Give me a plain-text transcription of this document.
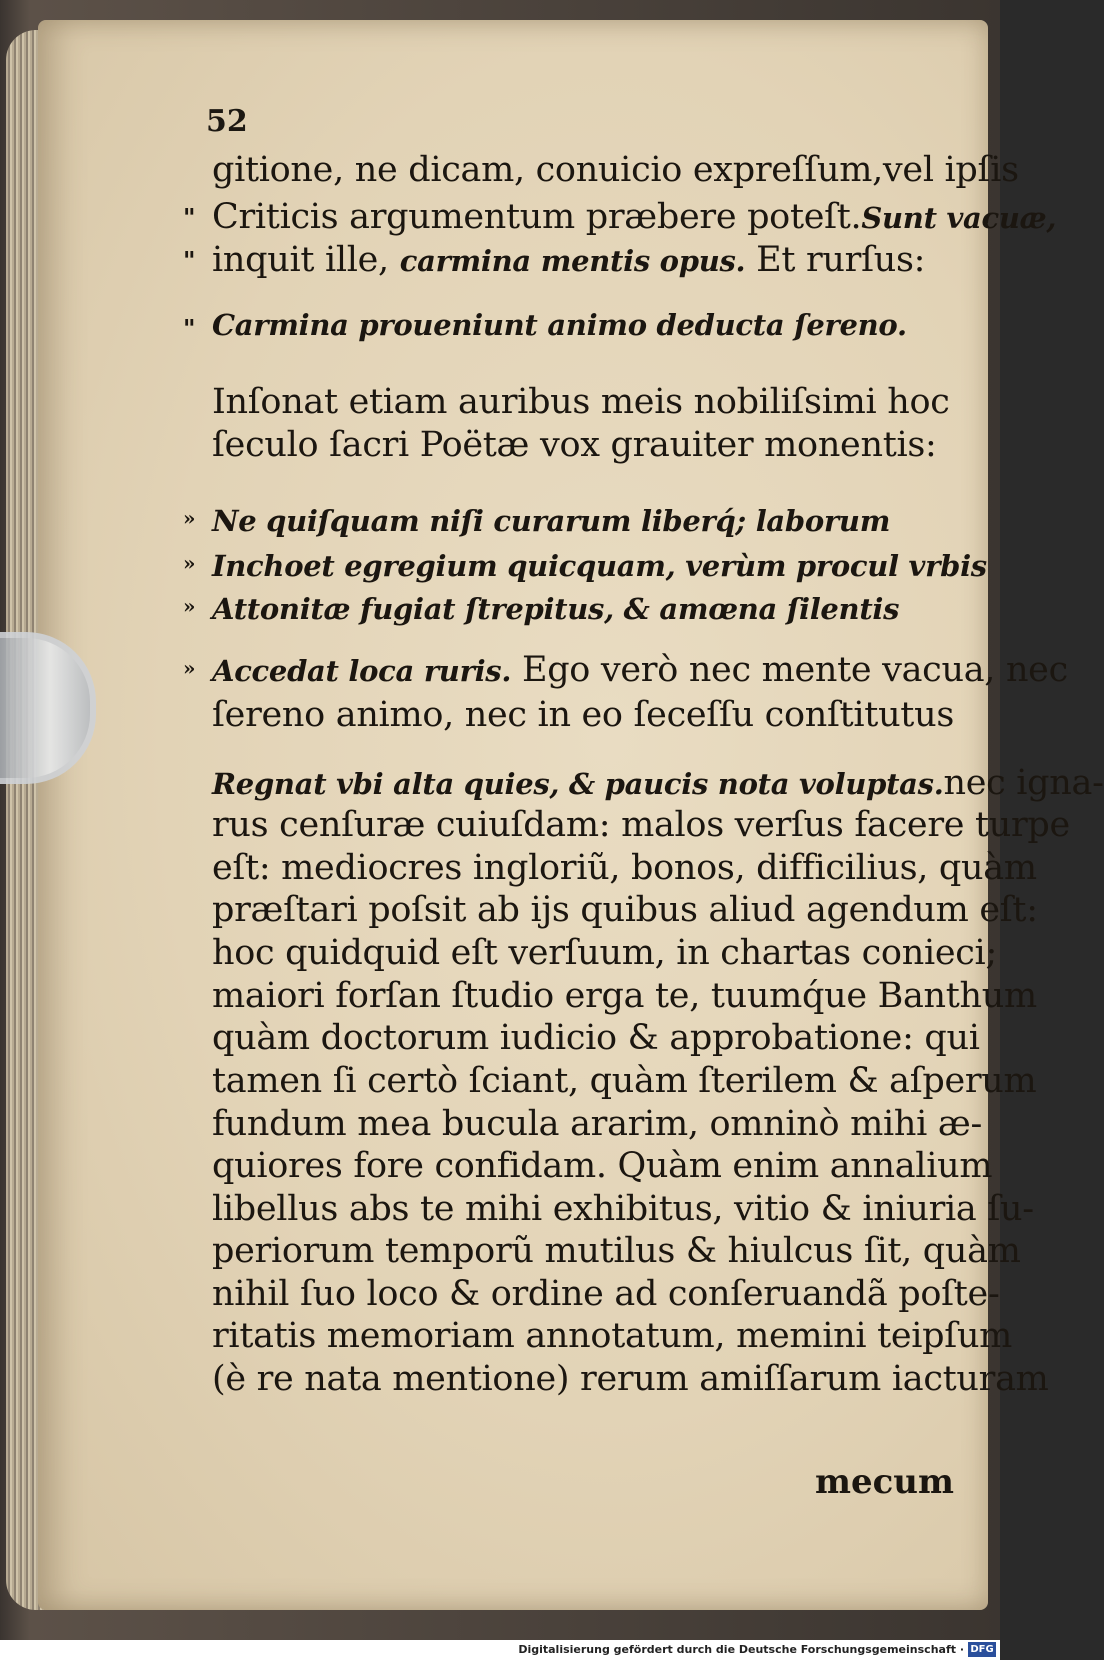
52
gitione, ne dicam, conuicio expreſſum,vel ipſis
Criticis argumentum præbere poteſt.Sunt vacuæ,
"
inquit ille, carmina mentis opus. Et rurſus:
"
Carmina proueniunt animo deducta ſereno.
"
Inſonat etiam auribus meis nobiliſsimi hoc
ſeculo ſacri Poëtæ vox grauiter monentis:
Ne quiſquam niſi curarum liberq́; laborum
»
Inchoet egregium quicquam, verùm procul vrbis
»
Attonitæ fugiat ſtrepitus, & amœna ſilentis
»
Accedat loca ruris. Ego verò nec mente vacua, nec
»
ſereno animo, nec in eo ſeceſſu conſtitutus
Regnat vbi alta quies, & paucis nota voluptas.nec igna-
rus cenſuræ cuiuſdam: malos verſus facere turpe
eſt: mediocres ingloriũ, bonos, difficilius, quàm
præſtari poſsit ab ijs quibus aliud agendum eſt:
hoc quidquid eſt verſuum, in chartas conieci;
maiori forſan ſtudio erga te, tuumq́ue Banthum
quàm doctorum iudicio & approbatione: qui
tamen ſi certò ſciant, quàm ſterilem & aſperum
fundum mea bucula ararim, omninò mihi æ-
quiores fore confidam. Quàm enim annalium
libellus abs te mihi exhibitus, vitio & iniuria ſu-
periorum temporũ mutilus & hiulcus ſit, quàm
nihil ſuo loco & ordine ad conſeruandã poſte-
ritatis memoriam annotatum, memini teipſum
(è re nata mentione) rerum amiſſarum iacturam
mecum
Digitalisierung gefördert durch die Deutsche Forschungsgemeinschaft · DFG
